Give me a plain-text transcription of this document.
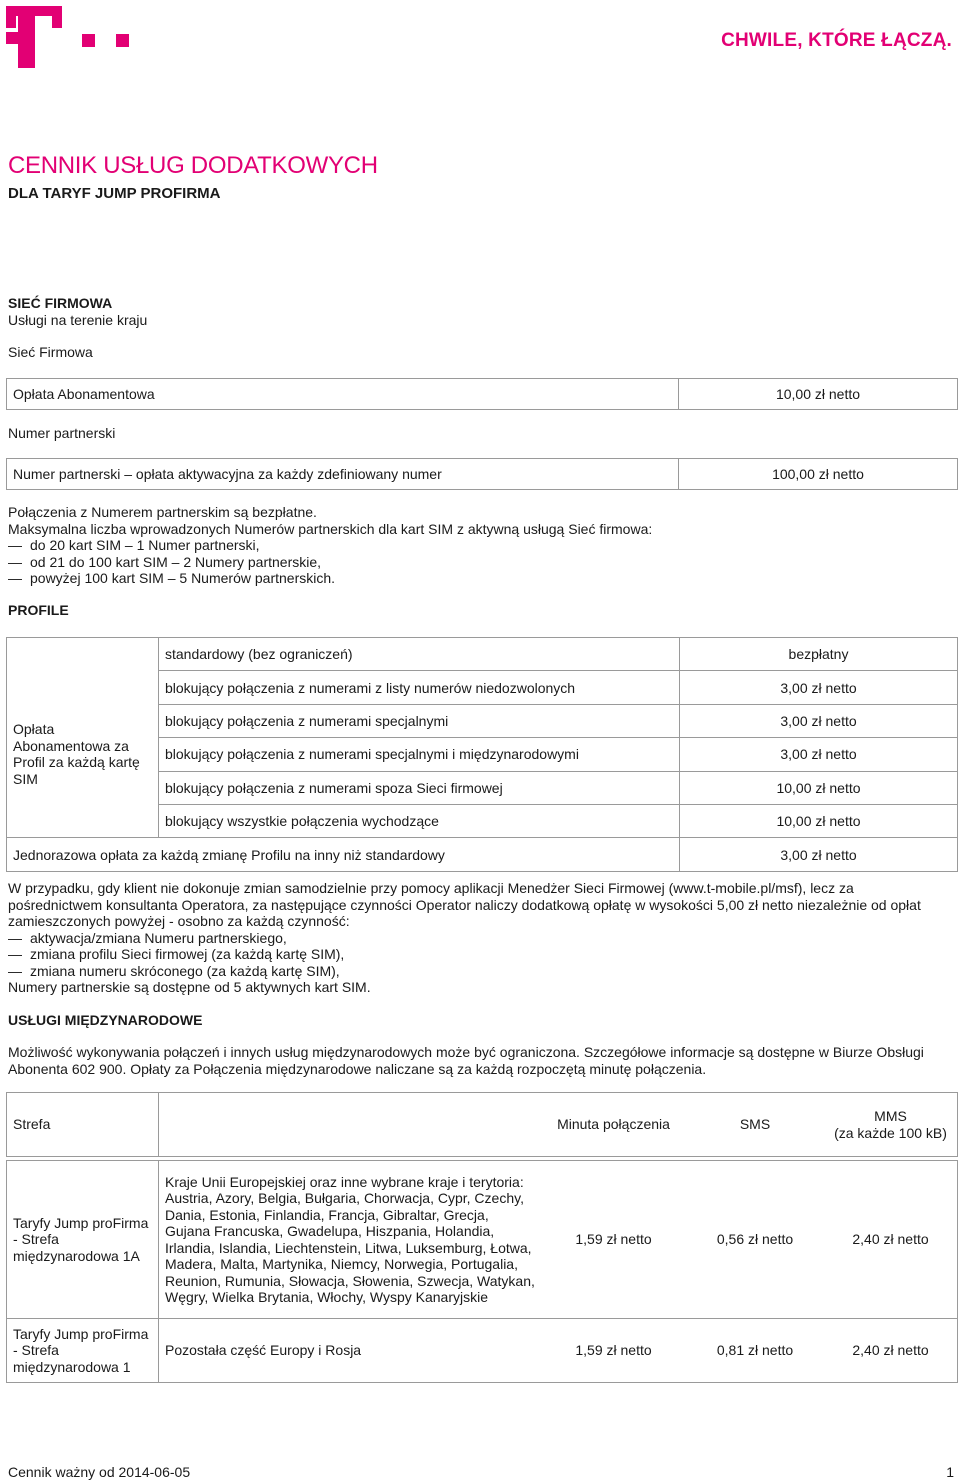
CHWILE, KTÓRE ŁĄCZĄ.
CENNIK USŁUG DODATKOWYCH
DLA TARYF JUMP PROFIRMA
SIEĆ FIRMOWA
Usługi na terenie kraju
Sieć Firmowa
Opłata Abonamentowa	10,00 zł netto
Numer partnerski
Numer partnerski – opłata aktywacyjna za każdy zdefiniowany numer	100,00 zł netto
Połączenia z Numerem partnerskim są bezpłatne.
Maksymalna liczba wprowadzonych Numerów partnerskich dla kart SIM z aktywną usługą Sieć firmowa:
— do 20 kart SIM – 1 Numer partnerski,
— od 21 do 100 kart SIM – 2 Numery partnerskie,
— powyżej 100 kart SIM – 5 Numerów partnerskich.
PROFILE
	standardowy (bez ograniczeń)	bezpłatny
Opłata Abonamentowa za Profil za każdą kartę SIM	blokujący połączenia z numerami z listy numerów niedozwolonych	3,00 zł netto
	blokujący połączenia z numerami specjalnymi	3,00 zł netto
	blokujący połączenia z numerami specjalnymi i międzynarodowymi	3,00 zł netto
	blokujący połączenia z numerami spoza Sieci firmowej	10,00 zł netto
	blokujący wszystkie połączenia wychodzące	10,00 zł netto
Jednorazowa opłata za każdą zmianę Profilu na inny niż standardowy		3,00 zł netto
W przypadku, gdy klient nie dokonuje zmian samodzielnie przy pomocy aplikacji Menedżer Sieci Firmowej (www.t-mobile.pl/msf), lecz za pośrednictwem konsultanta Operatora, za następujące czynności Operator naliczy dodatkową opłatę w wysokości 5,00 zł netto niezależnie od opłat zamieszczonych powyżej - osobno za każdą czynność:
— aktywacja/zmiana Numeru partnerskiego,
— zmiana profilu Sieci firmowej (za każdą kartę SIM),
— zmiana numeru skróconego (za każdą kartę SIM),
Numery partnerskie są dostępne od 5 aktywnych kart SIM.
USŁUGI MIĘDZYNARODOWE
Możliwość wykonywania połączeń i innych usług międzynarodowych może być ograniczona. Szczegółowe informacje są dostępne w Biurze Obsługi Abonenta 602 900. Opłaty za Połączenia międzynarodowe naliczane są za każdą rozpoczętą minutę połączenia.
Strefa		Minuta połączenia	SMS	MMS
(za każde 100 kB)

Taryfy Jump proFirma - Strefa międzynarodowa 1A	Kraje Unii Europejskiej oraz inne wybrane kraje i terytoria: Austria, Azory, Belgia, Bułgaria, Chorwacja, Cypr, Czechy, Dania, Estonia, Finlandia, Francja, Gibraltar, Grecja, Gujana Francuska, Gwadelupa, Hiszpania, Holandia, Irlandia, Islandia, Liechtenstein, Litwa, Luksemburg, Łotwa, Madera, Malta, Martynika, Niemcy, Norwegia, Portugalia, Reunion, Rumunia, Słowacja, Słowenia, Szwecja, Watykan, Węgry, Wielka Brytania, Włochy, Wyspy Kanaryjskie	1,59 zł netto	0,56 zł netto	2,40 zł netto
Taryfy Jump proFirma - Strefa międzynarodowa 1	Pozostała część Europy i Rosja	1,59 zł netto	0,81 zł netto	2,40 zł netto
Cennik ważny od 2014-06-05	1
